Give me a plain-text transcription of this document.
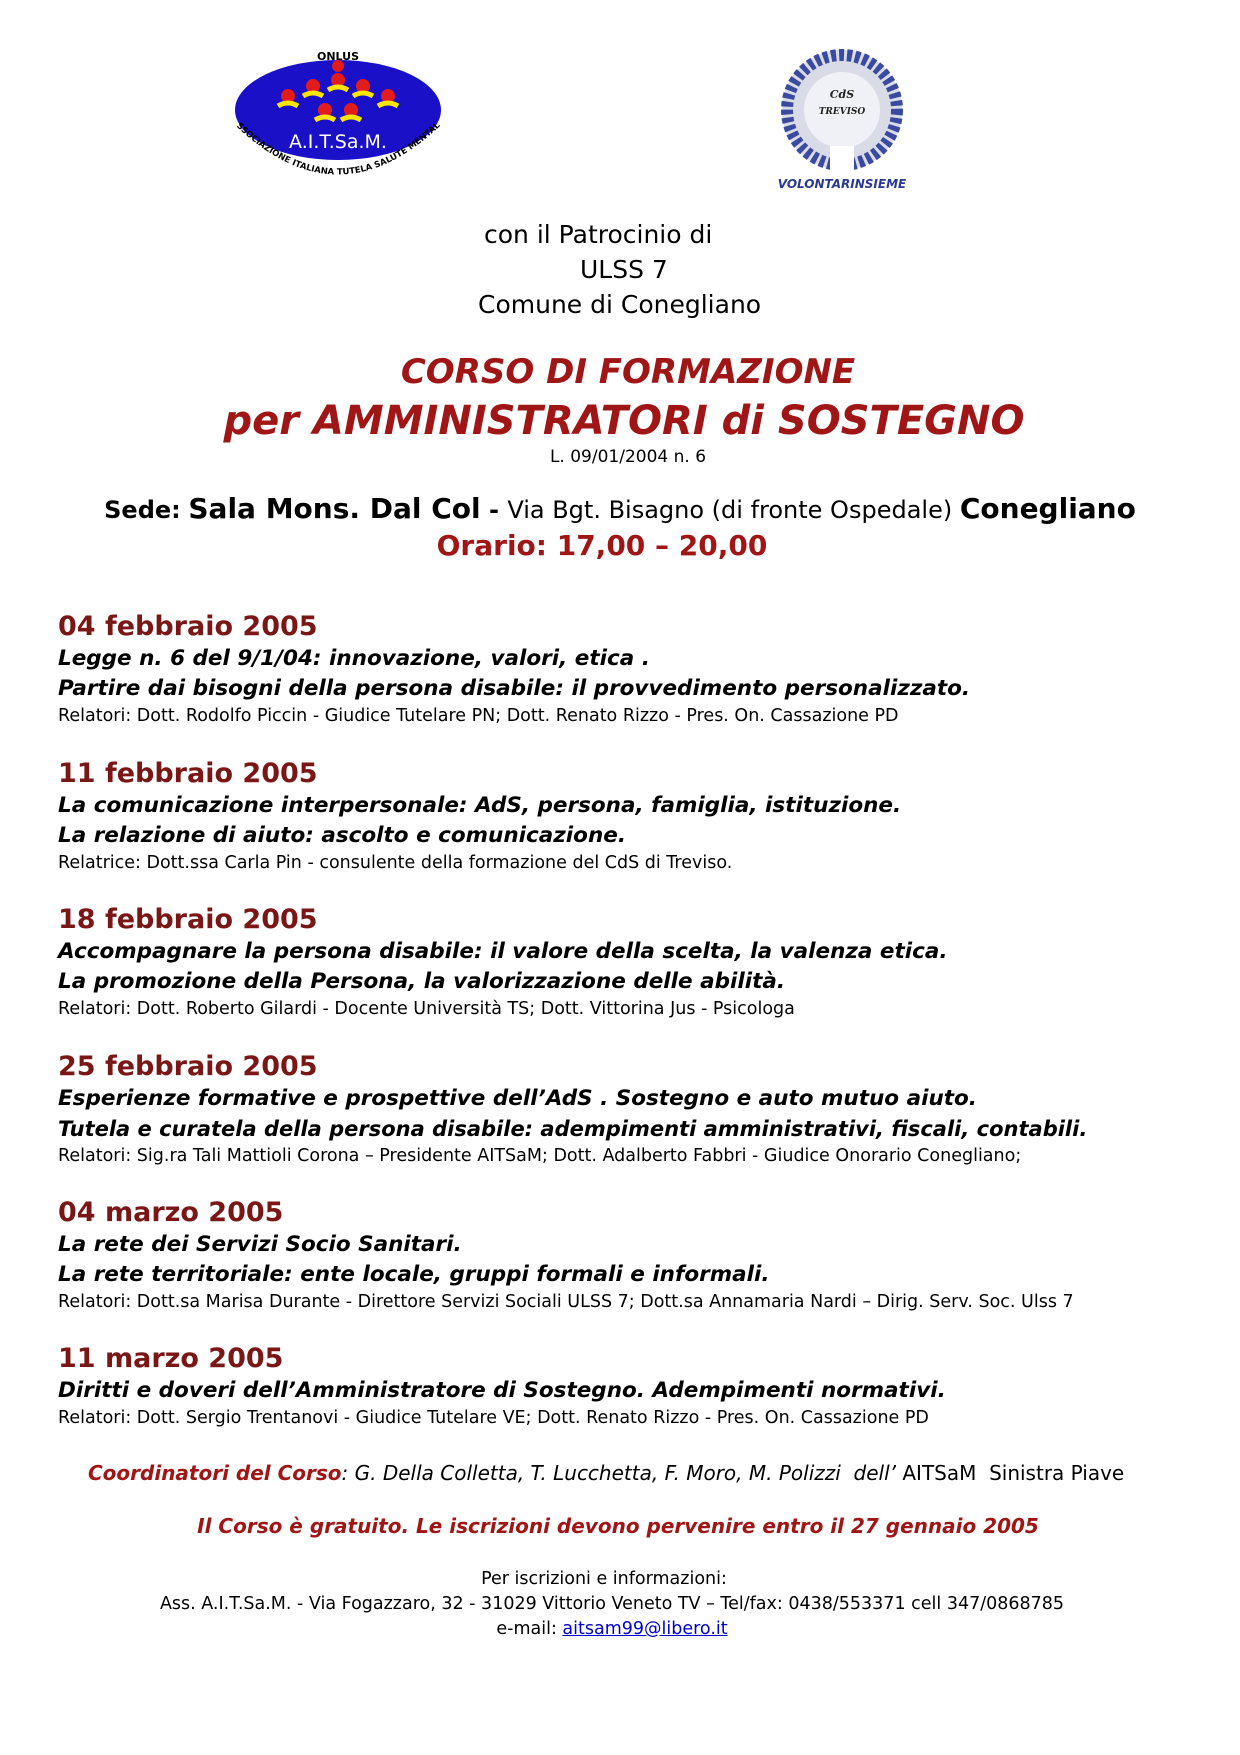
ONLUS
A.I.T.Sa.M.
SSOCIAZIONE ITALIANA TUTELA SALUTE MENTAL
CdS
TREVISO
VOLONTARINSIEME
con il Patrocinio di
ULSS 7
Comune di Conegliano
CORSO DI FORMAZIONE
per AMMINISTRATORI di SOSTEGNO
L. 09/01/2004 n. 6
Sede: Sala Mons. Dal Col - Via Bgt. Bisagno (di fronte Ospedale) Conegliano
Orario: 17,00 – 20,00
04 febbraio 2005
Legge n. 6 del 9/1/04: innovazione, valori, etica .
Partire dai bisogni della persona disabile: il provvedimento personalizzato.
Relatori: Dott. Rodolfo Piccin - Giudice Tutelare PN; Dott. Renato Rizzo - Pres. On. Cassazione PD
11 febbraio 2005
La comunicazione interpersonale: AdS, persona, famiglia, istituzione.
La relazione di aiuto: ascolto e comunicazione.
Relatrice: Dott.ssa Carla Pin - consulente della formazione del CdS di Treviso.
18 febbraio 2005
Accompagnare la persona disabile: il valore della scelta, la valenza etica.
La promozione della Persona, la valorizzazione delle abilità.
Relatori: Dott. Roberto Gilardi - Docente Università TS; Dott. Vittorina Jus - Psicologa
25 febbraio 2005
Esperienze formative e prospettive dell’AdS . Sostegno e auto mutuo aiuto.
Tutela e curatela della persona disabile: adempimenti amministrativi, fiscali, contabili.
Relatori: Sig.ra Tali Mattioli Corona – Presidente AITSaM; Dott. Adalberto Fabbri - Giudice Onorario Conegliano;
04 marzo 2005
La rete dei Servizi Socio Sanitari.
La rete territoriale: ente locale, gruppi formali e informali.
Relatori: Dott.sa Marisa Durante - Direttore Servizi Sociali ULSS 7; Dott.sa Annamaria Nardi – Dirig. Serv. Soc. Ulss 7
11 marzo 2005
Diritti e doveri dell’Amministratore di Sostegno. Adempimenti normativi.
Relatori: Dott. Sergio Trentanovi - Giudice Tutelare VE; Dott. Renato Rizzo - Pres. On. Cassazione PD
Coordinatori del Corso: G. Della Colletta, T. Lucchetta, F. Moro, M. Polizzi  dell’ AITSaM  Sinistra Piave
Il Corso è gratuito. Le iscrizioni devono pervenire entro il 27 gennaio 2005
Per iscrizioni e informazioni:
Ass. A.I.T.Sa.M. - Via Fogazzaro, 32 - 31029 Vittorio Veneto TV – Tel/fax: 0438/553371 cell 347/0868785
e-mail: aitsam99@libero.it
